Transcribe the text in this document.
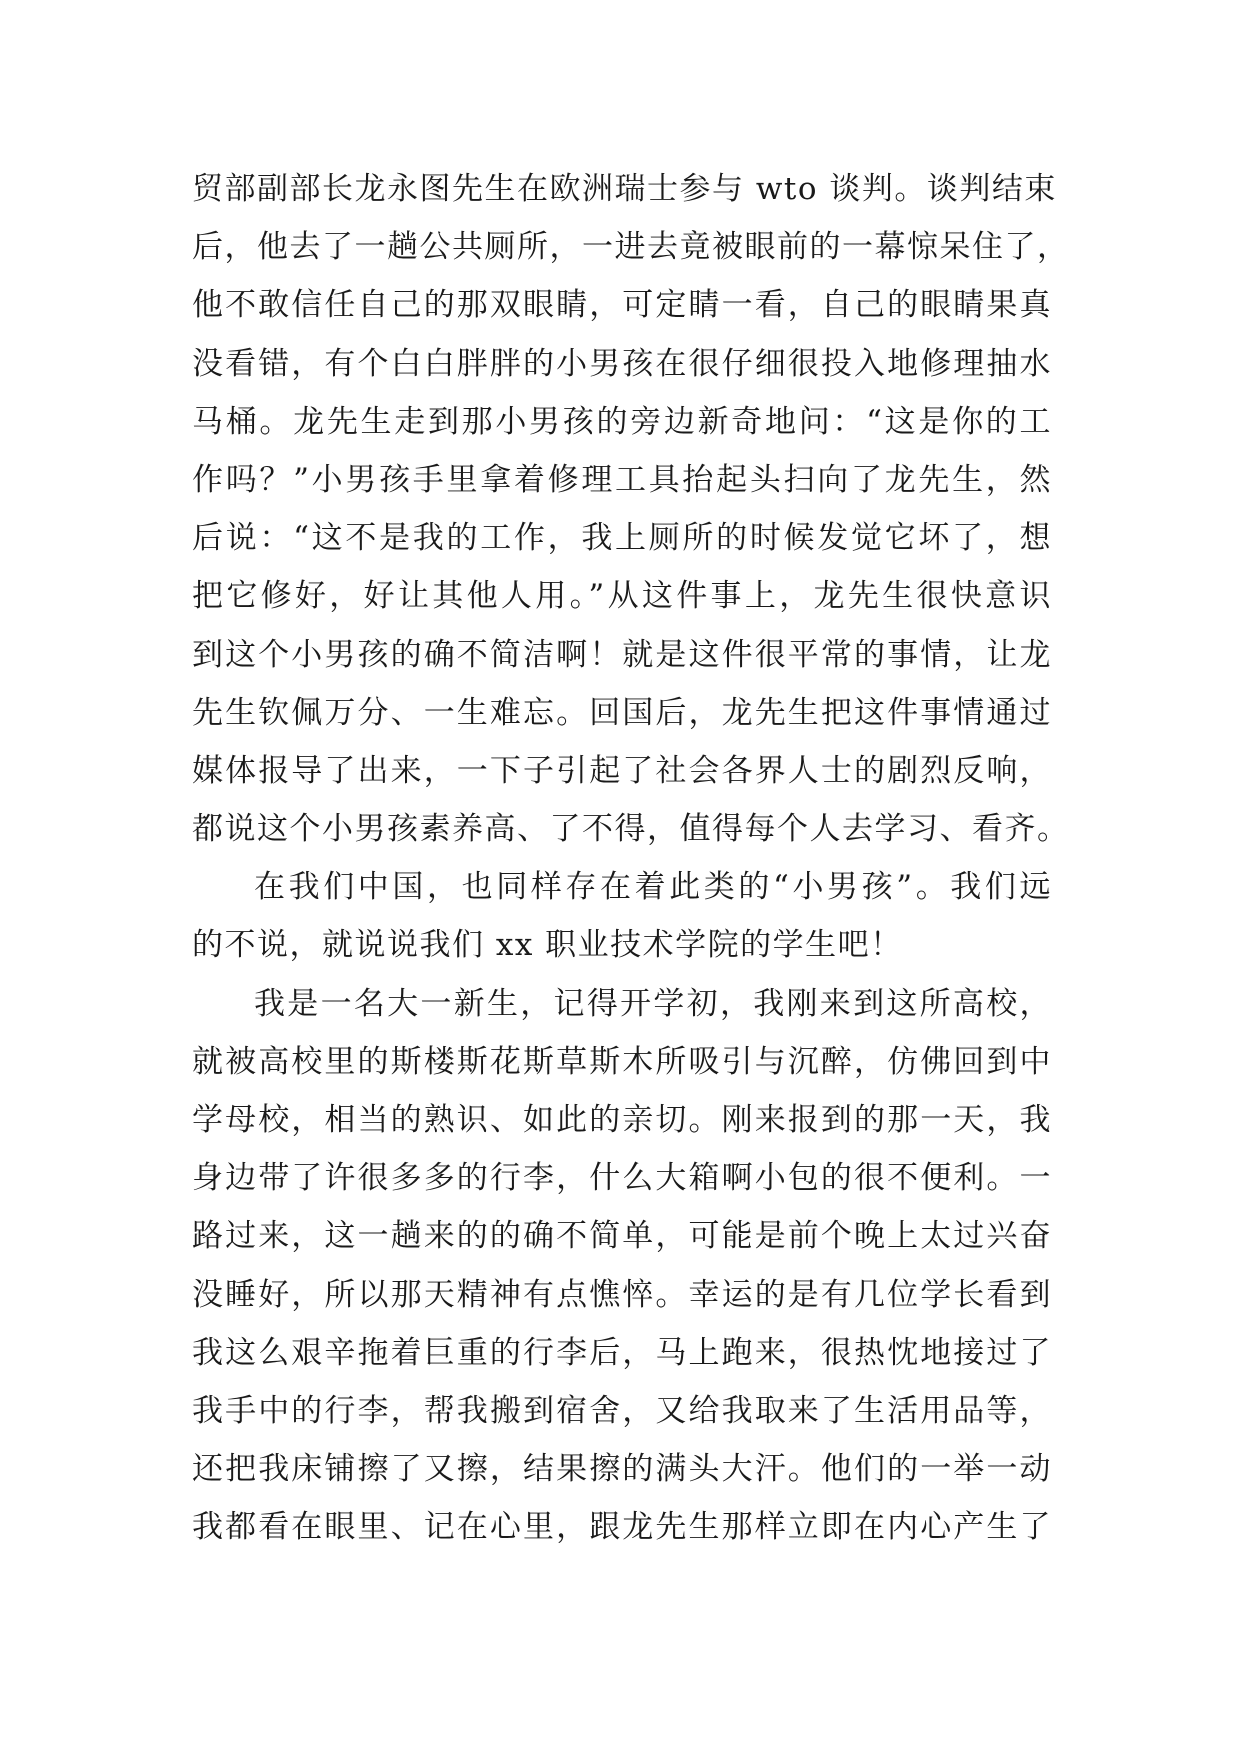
贸部副部长龙永图先生在欧洲瑞士参与 wto 谈判。谈判结束
后，他去了一趟公共厕所，一进去竟被眼前的一幕惊呆住了，
他不敢信任自己的那双眼睛，可定睛一看，自己的眼睛果真
没看错，有个白白胖胖的小男孩在很仔细很投入地修理抽水
马桶。龙先生走到那小男孩的旁边新奇地问：“这是你的工
作吗？”小男孩手里拿着修理工具抬起头扫向了龙先生，然
后说：“这不是我的工作，我上厕所的时候发觉它坏了，想
把它修好，好让其他人用。”从这件事上，龙先生很快意识
到这个小男孩的确不简洁啊！就是这件很平常的事情，让龙
先生钦佩万分、一生难忘。回国后，龙先生把这件事情通过
媒体报导了出来，一下子引起了社会各界人士的剧烈反响，
都说这个小男孩素养高、了不得，值得每个人去学习、看齐。
在我们中国，也同样存在着此类的“小男孩”。我们远
的不说，就说说我们 xx 职业技术学院的学生吧！
我是一名大一新生，记得开学初，我刚来到这所高校，
就被高校里的斯楼斯花斯草斯木所吸引与沉醉，仿佛回到中
学母校，相当的熟识、如此的亲切。刚来报到的那一天，我
身边带了许很多多的行李，什么大箱啊小包的很不便利。一
路过来，这一趟来的的确不简单，可能是前个晚上太过兴奋
没睡好，所以那天精神有点憔悴。幸运的是有几位学长看到
我这么艰辛拖着巨重的行李后，马上跑来，很热忱地接过了
我手中的行李，帮我搬到宿舍，又给我取来了生活用品等，
还把我床铺擦了又擦，结果擦的满头大汗。他们的一举一动
我都看在眼里、记在心里，跟龙先生那样立即在内心产生了
